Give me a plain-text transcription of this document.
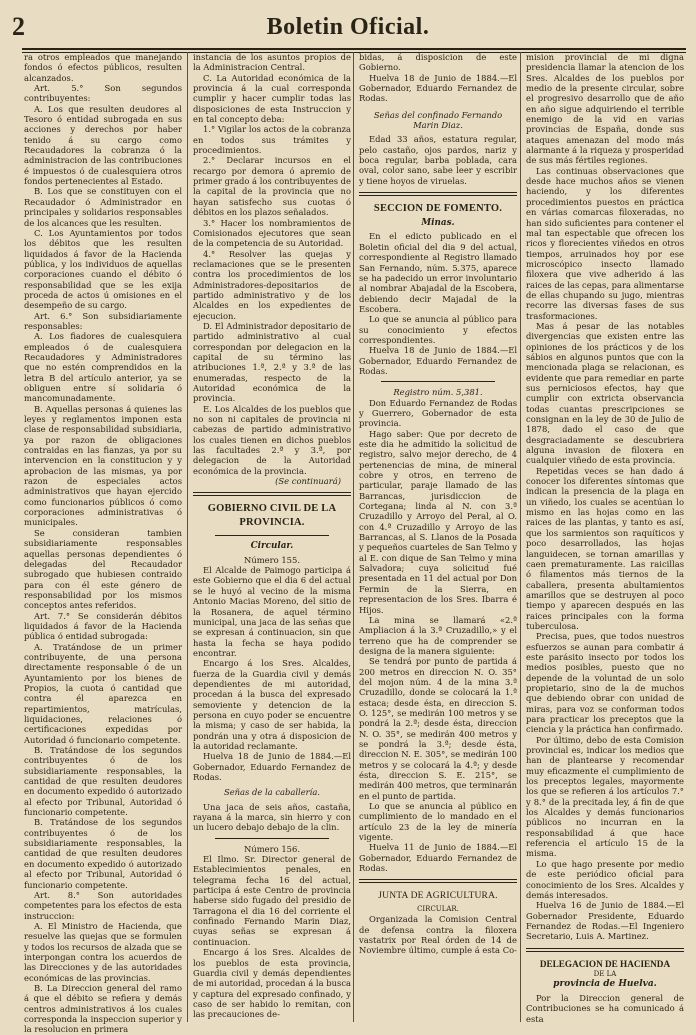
2	Boletin Oficial.

ra otros empleados que manejando fondos ó efectos públicos, resulten alcanzados.

Art. 5.° Son segundos contribuyentes:

A. Los que resulten deudores al Tesoro ó entidad subrogada en sus acciones y derechos por haber tenido á su cargo como Recaudadores la cobranza ó la administracion de las contribuciones é impuestos ó de cualesquiera otros fondos pertenecientes al Estado.

B. Los que se constituyen con el Recaudador ó Administrador en principales y solidarios responsables de los alcances que les resulten.

C. Los Ayuntamientos por todos los débitos que les resulten liquidados á favor de la Hacienda pública, y los individuos de aquellas corporaciones cuando el débito ó responsabilidad que se les exija proceda de actos ú omisiones en el desempeño de su cargo.

Art. 6.° Son subsidiariamente responsables:

A. Los fiadores de cualesquiera empleados ó de cualesquiera Recaudadores y Administradores que no estén comprendidos en la letra B del artículo anterior, ya se obliguen entre sí solidaria ó mancomunadamente.

B. Aquellas personas á quienes las leyes y reglamentos imponen esta clase de responsabilidad subsidiaria, ya por razon de obligaciones contraidas en las fianzas, ya por su intervencion en la constitucion y y aprobacion de las mismas, ya por razon de especiales actos administrativos que hayan ejercido como funcionarios públicos ó como corporaciones administrativas ó municipales.

Se consideran tambien subsidiariamente responsables aquellas personas dependientes ó delegadas del Recaudador subrogado que hubiesen contraido para con él este género de responsabilidad por los mismos conceptos antes referidos.

Art. 7.° Se considerán débitos liquidados á favor de la Hacienda pública ó entidad subrogada:

A. Tratándose de un primer contribuyente, de una persona directamente responsable ó de un Ayuntamiento por los bienes de Propios, la cuota ó cantidad que contra él aparezca en repartimientos, matrículas, liquidaciones, relaciones ó certificaciones expedidas por Autoridad ó funcionario competente.

B. Tratándose de los segundos contribuyentes ó de los subsidiariamente responsables, la cantidad de que resulten deudores en documento expedido ó autorizado al efecto por Tribunal, Autoridad ó funcionario competente.

B. Tratándose de los segundos contribuyentes ó de los subsidiariamente responsables, la cantidad de que resulten deudores en documento expedido ó autorizado al efecto por Tribunal, Autoridad ó funcionario competente.

Art. 8.° Son autoridades competentes para los efectos de esta instruccion:

A. El Ministro de Hacienda, que resuelve las quejas que se formulen y todos los recursos de alzada que se interpongan contra los acuerdos de las Direcciones y de las autoridades económicas de las provincias.

B. La Direccion general del ramo á que el débito se refiera y demás centros administrativos á los cuales corresponda la inspeccion superior y la resolucion en primera

instancia de los asuntos propios de la Administracion Central.

C. La Autoridad económica de la provincia á la cual corresponda cumplir y hacer cumplir todas las disposiciones de esta Instruccion y en tal concepto deba:

1.° Vigilar los actos de la cobranza en todos sus trámites y procedimientos.

2.° Declarar incursos en el recargo por demora ó apremio de primer grado á los contribuyentes de la capital de la provincia que no hayan satisfecho sus cuotas ó débitos en los plazos señalados.

3.° Hacer los nombramientos de Comisionados ejecutores que sean de la competencia de su Autoridad.

4.° Resolver las quejas y reclamaciones que se le presenten contra los procedimientos de los Administradores-depositarios de partido administrativo y de los Alcaldes en los expedientes de ejecucion.

D. El Administrador depositario de partido administrativo al cual correspondan por delegacion en la capital de su término las atribuciones 1.ª, 2.ª y 3.ª de las enumeradas, respecto de la Autoridad económica de la provincia.

E. Los Alcaldes de los pueblos que no son ni capitales de provincia ni cabezas de partido administrativo los cuales tienen en dichos pueblos las facultades 2.ª y 3.ª, por delegacion de la Autoridad económica de la provincia.

(Se continuará)

GOBIERNO CIVIL DE LA PROVINCIA.
Circular.

Número 155.

El Alcalde de Paimogo participa á este Gobierno que el dia 6 del actual se le huyó al vecino de la misma Antonio Macias Moreno, del sitio de la Rosanera, de aquel término municipal, una jaca de las señas que se expresan á continuacion, sin que hasta la fecha se haya podido encontrar.

Encargo á los Sres. Alcaldes, fuerza de la Guardia civil y demás dependientes de mi autoridad, procedan á la busca del expresado semoviente y detencion de la persona en cuyo poder se encuentre la misma; y caso de ser habida, la pondrán una y otra á disposicion de la autoridad reclamante.

Huelva 18 de Junio de 1884.—El Gobernador, Eduardo Fernandez de Rodas.

Señas de la caballería.

Una jaca de seis años, castaña, rayana á la marca, sin hierro y con un lucero debajo debajo de la clin.

Número 156.

El Ilmo. Sr. Director general de Establecimientos penales, en telegrama fecha 16 del actual, participa á este Centro de provincia haberse sido fugado del presidio de Tarragona el dia 16 del corriente el confinado Fernando Marin Diaz, cuyas señas se expresan á continuacion.

Encargo á los Sres. Alcaldes de los pueblos de esta provincia, Guardia civil y demás dependientes de mi autoridad, procedan á la busca y captura del expresado confinado, y caso de ser habido lo remitan, con las precauciones de-

bidas, á disposicion de este Gobierno.

Huelva 18 de Junio de 1884.—El Gobernador, Eduardo Fernandez de Rodas.

Señas del confinado Fernando Marin Diaz.

Edad 33 años, estatura regular, pelo castaño, ojos pardos, nariz y boca regular, barba poblada, cara oval, color sano, sabe leer y escribir y tiene hoyos de viruelas.

SECCION DE FOMENTO.
Minas.

En el edicto publicado en el Boletin oficial del dia 9 del actual, correspondiente al Registro llamado San Fernando, núm. 5.375, aparece se ha padecido un error involuntario al nombrar Abajadal de la Escobera, debiendo decir Majadal de la Escobera.

Lo que se anuncia al público para su conocimiento y efectos correspondientes.

Huelva 18 de Junio de 1884.—El Gobernador, Eduardo Fernandez de Rodas.

Registro núm. 5,381.

Don Eduardo Fernandez de Rodas y Guerrero, Gobernador de esta provincia.

Hago saber: Que por decreto de este dia he admitido la solicitud de registro, salvo mejor derecho, de 4 pertenencias de mina, de mineral cobre y otros, en terreno de particular, paraje llamado de las Barrancas, jurisdiccion de Cortegana; linda al N. con 3.ª Cruzadillo y Arroyo del Peral, al O. con 4.ª Cruzadillo y Arroyo de las Barrancas, al S. Llanos de la Posada y pequeños cuarteles de San Telmo y al E. con dique de San Telmo y mina Salvadora; cuya solicitud fué presentada en 11 del actual por Don Fermin de la Sierra, en representacion de los Sres. Ibarra é Hijos.

La mina se llamará «2.ª Ampliacion á la 3.ª Cruzadillo,» y el terreno que ha de comprender se designa de la manera siguiente:

Se tendrá por punto de partida á 200 metros en direccion N. O. 35° del mojon núm. 4 de la mina 3.ª Cruzadillo, donde se colocará la 1.ª estaca; desde ésta, en direccion S. O. 125°, se medirán 100 metros y se pondrá la 2.ª; desde ésta, direccion N. O. 35°, se medirán 400 metros y se pondrá la 3.ª; desde ésta, direccion N. E. 305°, se medirán 100 metros y se colocará la 4.ª; y desde ésta, direccion S. E. 215°, se medirán 400 metros, que terminarán en el punto de partida.

Lo que se anuncia al público en cumplimiento de lo mandado en el artículo 23 de la ley de minería vigente.

Huelva 11 de Junio de 1884.—El Gobernador, Eduardo Fernandez de Rodas.

JUNTA DE AGRICULTURA.
CIRCULAR.

Organizada la Comision Central de defensa contra la filoxera vastatrix por Real órden de 14 de Noviembre último, cumple á esta Co-

mision provincial de mi digna presidencia llamar la atencion de los Sres. Alcaldes de los pueblos por medio de la presente circular, sobre el progresivo desarrollo que de año en año sigue adquiriendo el terrible enemigo de la vid en varias provincias de España, donde sus ataques amenazan del modo más alarmante á la riqueza y prosperidad de sus más fértiles regiones.

Las continuas observaciones que desde hace muchos años se vienen haciendo, y los diferentes procedimientos puestos en práctica en várias comarcas filoxeradas, no han sido suficientes para contener el mal tan espectable que ofrecen los ricos y florecientes viñedos en otros tiempos, arruinados hoy por ese microscópico insecto llamado filoxera que vive adherido á las raices de las cepas, para alimentarse de ellas chupando su jugo, mientras recorre las diversas fases de sus trasformaciones.

Mas á pesar de las notables divergencias que existen entre las opiniones de los prácticos y de los sábios en algunos puntos que con la mencionada plaga se relacionan, es evidente que para remediar en parte sus perniciosos efectos, hay que cumplir con extricta observancia todas cuantas prescripciones se consignan en la ley de 30 de Julio de 1878, dado el caso de que desgraciadamente se descubriera alguna invasion de filoxera en cualquier viñedo de esta provincia.

Repetidas veces se han dado á conocer los diferentes síntomas que indican la presencia de la plaga en un viñedo, los cuales se acentúan lo mismo en las hojas como en las raices de las plantas, y tanto es así, que los sarmientos son raquíticos y poco desarrollados, las hojas languidecen, se tornan amarillas y caen prematuramente. Las raicillas ó filamentos más tiernos de la caballera, presenta abultamientos amarillos que se destruyen al poco tiempo y aparecen después en las raices principales con la forma tuberculosa.

Precisa, pues, que todos nuestros esfuerzos se aunan para combatir á este parásito insecto por todos los medios posibles, puesto que no depende de la voluntad de un solo propietario, sino de la de muchos que debiendo obrar con unidad de miras, para voz se conforman todos para practicar los preceptos que la ciencia y la práctica han confirmado.

Por último, debo de esta Comision provincial es, indicar los medios que han de plantearse y recomendar muy eficazmente el cumplimiento de los preceptos legales, mayormente los que se refieren á los artículos 7.° y 8.° de la precitada ley, á fin de que los Alcaldes y demás funcionarios públicos no incurran en la responsabilidad á que hace referencia el artículo 15 de la misma.

Lo que hago presente por medio de este periódico oficial para conocimiento de los Sres. Alcaldes y demás interesados.

Huelva 16 de Junio de 1884.—El Gobernador Presidente, Eduardo Fernandez de Rodas.—El Ingeniero Secretario, Luis A. Martinez.

DELEGACION DE HACIENDA
DE LA
provincia de Huelva.

Por la Direccion general de Contribuciones se ha comunicado á esta
